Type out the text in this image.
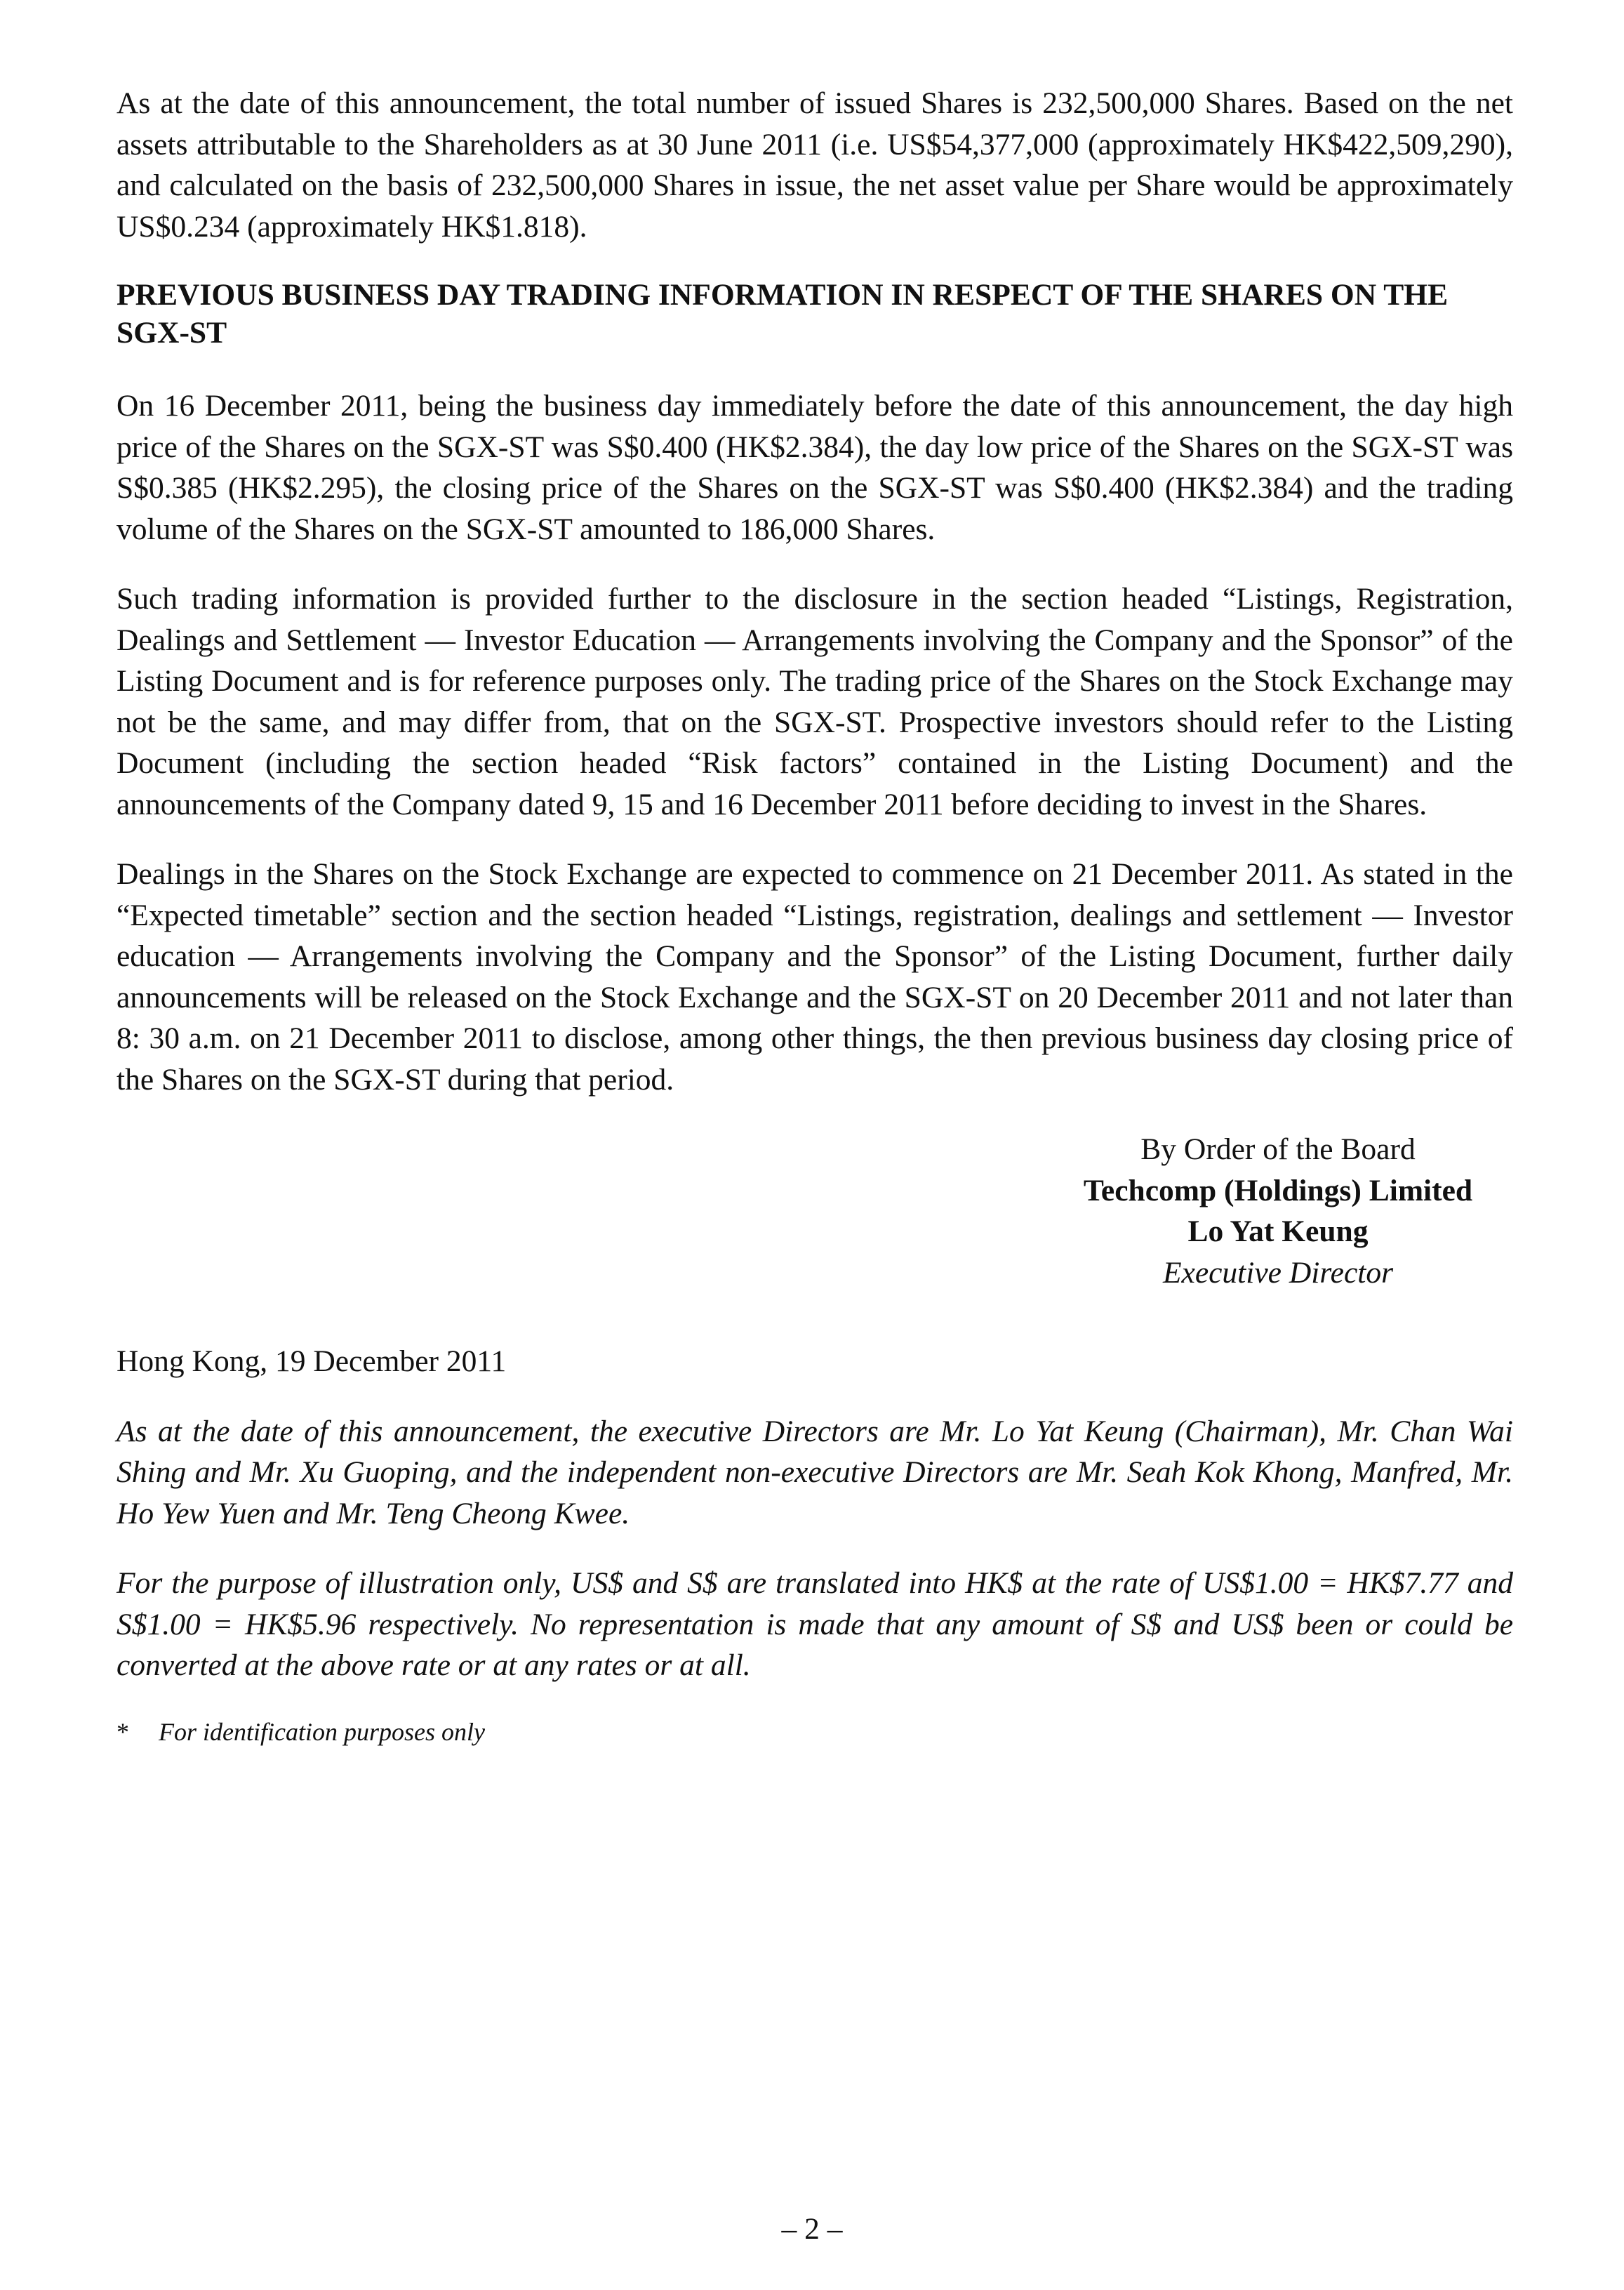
As at the date of this announcement, the total number of issued Shares is 232,500,000 Shares. Based on the net assets attributable to the Shareholders as at 30 June 2011 (i.e. US$54,377,000 (approximately HK$422,509,290), and calculated on the basis of 232,500,000 Shares in issue, the net asset value per Share would be approximately US$0.234 (approximately HK$1.818).

PREVIOUS BUSINESS DAY TRADING INFORMATION IN RESPECT OF THE SHARES ON THE SGX-ST

On 16 December 2011, being the business day immediately before the date of this announcement, the day high price of the Shares on the SGX-ST was S$0.400 (HK$2.384), the day low price of the Shares on the SGX-ST was S$0.385 (HK$2.295), the closing price of the Shares on the SGX-ST was S$0.400 (HK$2.384) and the trading volume of the Shares on the SGX-ST amounted to 186,000 Shares.

Such trading information is provided further to the disclosure in the section headed “Listings, Registration, Dealings and Settlement — Investor Education — Arrangements involving the Company and the Sponsor” of the Listing Document and is for reference purposes only. The trading price of the Shares on the Stock Exchange may not be the same, and may differ from, that on the SGX-ST. Prospective investors should refer to the Listing Document (including the section headed “Risk factors” contained in the Listing Document) and the announcements of the Company dated 9, 15 and 16 December 2011 before deciding to invest in the Shares.

Dealings in the Shares on the Stock Exchange are expected to commence on 21 December 2011. As stated in the “Expected timetable” section and the section headed “Listings, registration, dealings and settlement — Investor education — Arrangements involving the Company and the Sponsor” of the Listing Document, further daily announcements will be released on the Stock Exchange and the SGX-ST on 20 December 2011 and not later than 8: 30 a.m. on 21 December 2011 to disclose, among other things, the then previous business day closing price of the Shares on the SGX-ST during that period.

By Order of the Board
Techcomp (Holdings) Limited
Lo Yat Keung
Executive Director

Hong Kong, 19 December 2011

As at the date of this announcement, the executive Directors are Mr. Lo Yat Keung (Chairman), Mr. Chan Wai Shing and Mr. Xu Guoping, and the independent non-executive Directors are Mr. Seah Kok Khong, Manfred, Mr. Ho Yew Yuen and Mr. Teng Cheong Kwee.

For the purpose of illustration only, US$ and S$ are translated into HK$ at the rate of US$1.00 = HK$7.77 and S$1.00 = HK$5.96 respectively. No representation is made that any amount of S$ and US$ been or could be converted at the above rate or at any rates or at all.

*	For identification purposes only
– 2 –
